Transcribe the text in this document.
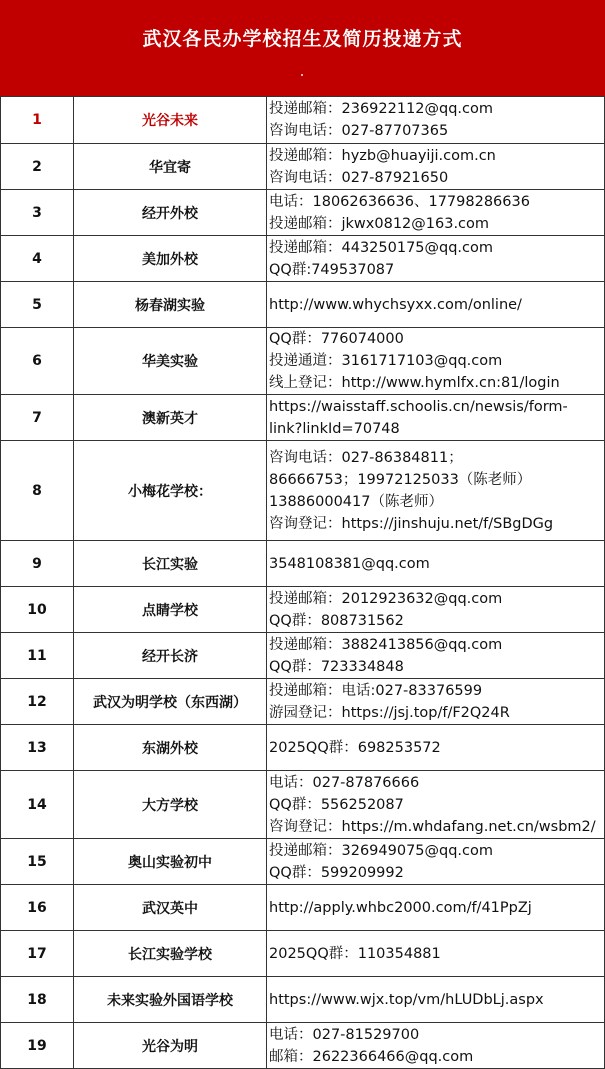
武汉各民办学校招生及简历投递方式
1	光谷未来	投递邮箱：236922112@qq.com
咨询电话：027-87707365

2	华宜寄	投递邮箱：hyzb@huayiji.com.cn
咨询电话：027-87921650

3	经开外校	电话：18062636636、17798286636
投递邮箱：jkwx0812@163.com

4	美加外校	投递邮箱：443250175@qq.com
QQ群:749537087

5	杨春湖实验	http://www.whychsyxx.com/online/

6	华美实验	QQ群：776074000
投递通道：3161717103@qq.com
线上登记：http://www.hymlfx.cn:81/login

7	澳新英才	https://waisstaff.schoolis.cn/newsis/form-
link?linkId=70748

8	小梅花学校：	咨询电话：027-86384811；
86666753；19972125033（陈老师）
13886000417（陈老师）
咨询登记：https://jinshuju.net/f/SBgDGg

9	长江实验	3548108381@qq.com

10	点睛学校	投递邮箱：2012923632@qq.com
QQ群：808731562

11	经开长济	投递邮箱：3882413856@qq.com
QQ群：723334848

12	武汉为明学校（东西湖）	投递邮箱：电话:027-83376599
游园登记：https://jsj.top/f/F2Q24R

13	东湖外校	2025QQ群：698253572

14	大方学校	电话：027-87876666
QQ群：556252087
咨询登记：https://m.whdafang.net.cn/wsbm2/

15	奥山实验初中	投递邮箱：326949075@qq.com
QQ群：599209992

16	武汉英中	http://apply.whbc2000.com/f/41PpZj

17	长江实验学校	2025QQ群：110354881

18	未来实验外国语学校	https://www.wjx.top/vm/hLUDbLj.aspx

19	光谷为明	电话：027-81529700
邮箱：2622366466@qq.com
